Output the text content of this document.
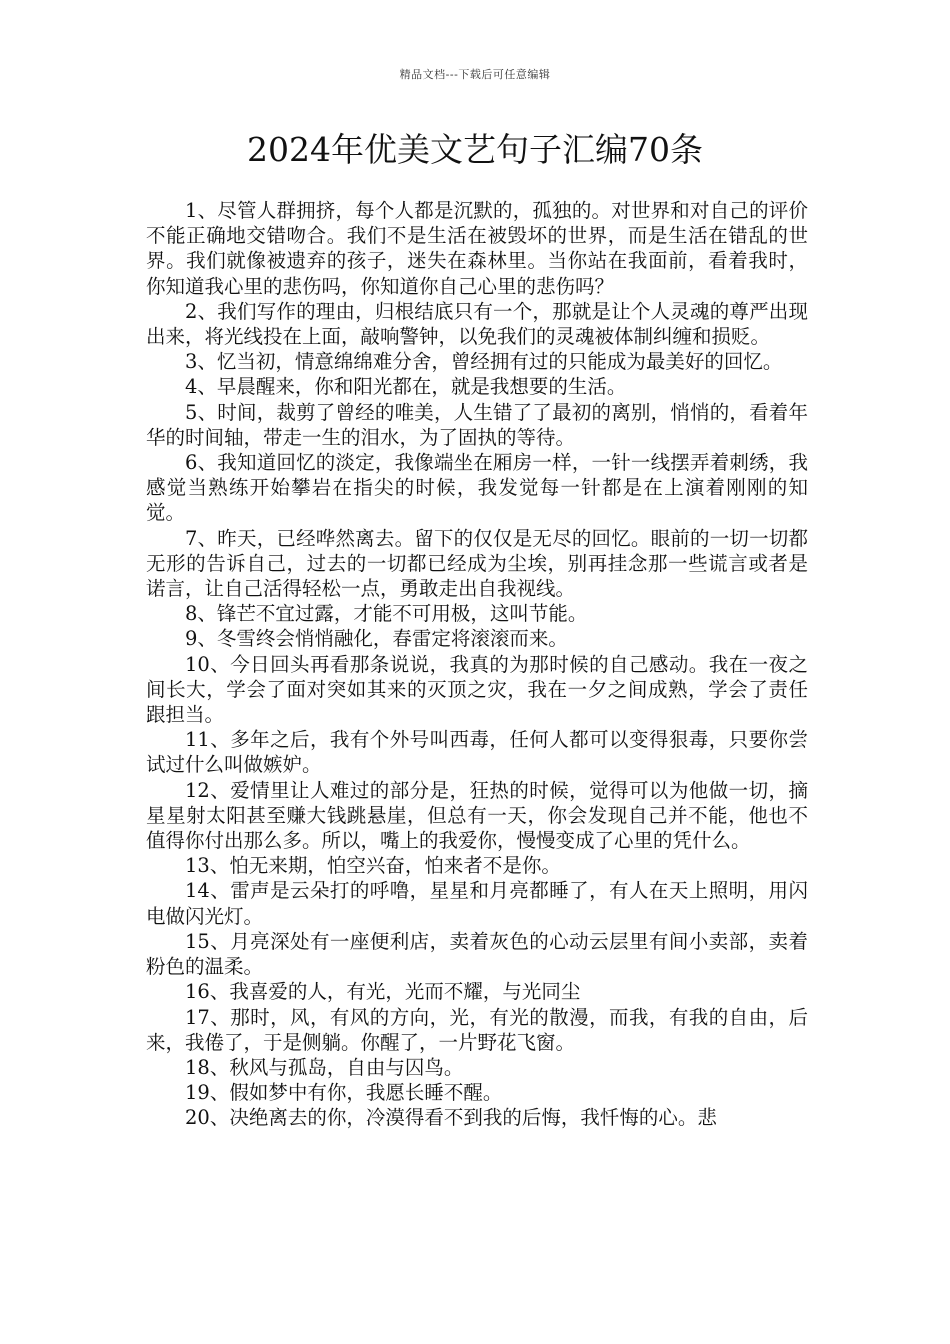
精品文档---下载后可任意编辑
2024年优美文艺句子汇编70条

1、尽管人群拥挤，每个人都是沉默的，孤独的。对世界和对自己的评价不能正确地交错吻合。我们不是生活在被毁坏的世界，而是生活在错乱的世界。我们就像被遗弃的孩子，迷失在森林里。当你站在我面前，看着我时，你知道我心里的悲伤吗，你知道你自己心里的悲伤吗？

2、我们写作的理由，归根结底只有一个，那就是让个人灵魂的尊严出现出来，将光线投在上面，敲响警钟，以免我们的灵魂被体制纠缠和损贬。

3、忆当初，情意绵绵难分舍，曾经拥有过的只能成为最美好的回忆。

4、早晨醒来，你和阳光都在，就是我想要的生活。

5、时间，裁剪了曾经的唯美，人生错了了最初的离别，悄悄的，看着年华的时间轴，带走一生的泪水，为了固执的等待。

6、我知道回忆的淡定，我像端坐在厢房一样，一针一线摆弄着刺绣，我感觉当熟练开始攀岩在指尖的时候，我发觉每一针都是在上演着刚刚的知觉。

7、昨天，已经哗然离去。留下的仅仅是无尽的回忆。眼前的一切一切都无形的告诉自己，过去的一切都已经成为尘埃，别再挂念那一些谎言或者是诺言，让自己活得轻松一点，勇敢走出自我视线。

8、锋芒不宜过露，才能不可用极，这叫节能。

9、冬雪终会悄悄融化，春雷定将滚滚而来。

10、今日回头再看那条说说，我真的为那时候的自己感动。我在一夜之间长大，学会了面对突如其来的灭顶之灾，我在一夕之间成熟，学会了责任跟担当。

11、多年之后，我有个外号叫西毒，任何人都可以变得狠毒，只要你尝试过什么叫做嫉妒。

12、爱情里让人难过的部分是，狂热的时候，觉得可以为他做一切，摘星星射太阳甚至赚大钱跳悬崖，但总有一天，你会发现自己并不能，他也不值得你付出那么多。所以，嘴上的我爱你，慢慢变成了心里的凭什么。

13、怕无来期，怕空兴奋，怕来者不是你。

14、雷声是云朵打的呼噜，星星和月亮都睡了，有人在天上照明，用闪电做闪光灯。

15、月亮深处有一座便利店，卖着灰色的心动云层里有间小卖部，卖着粉色的温柔。

16、我喜爱的人，有光，光而不耀，与光同尘

17、那时，风，有风的方向，光，有光的散漫，而我，有我的自由，后来，我倦了，于是侧躺。你醒了，一片野花飞窗。

18、秋风与孤岛，自由与囚鸟。

19、假如梦中有你，我愿长睡不醒。

20、决绝离去的你，冷漠得看不到我的后悔，我忏悔的心。悲
